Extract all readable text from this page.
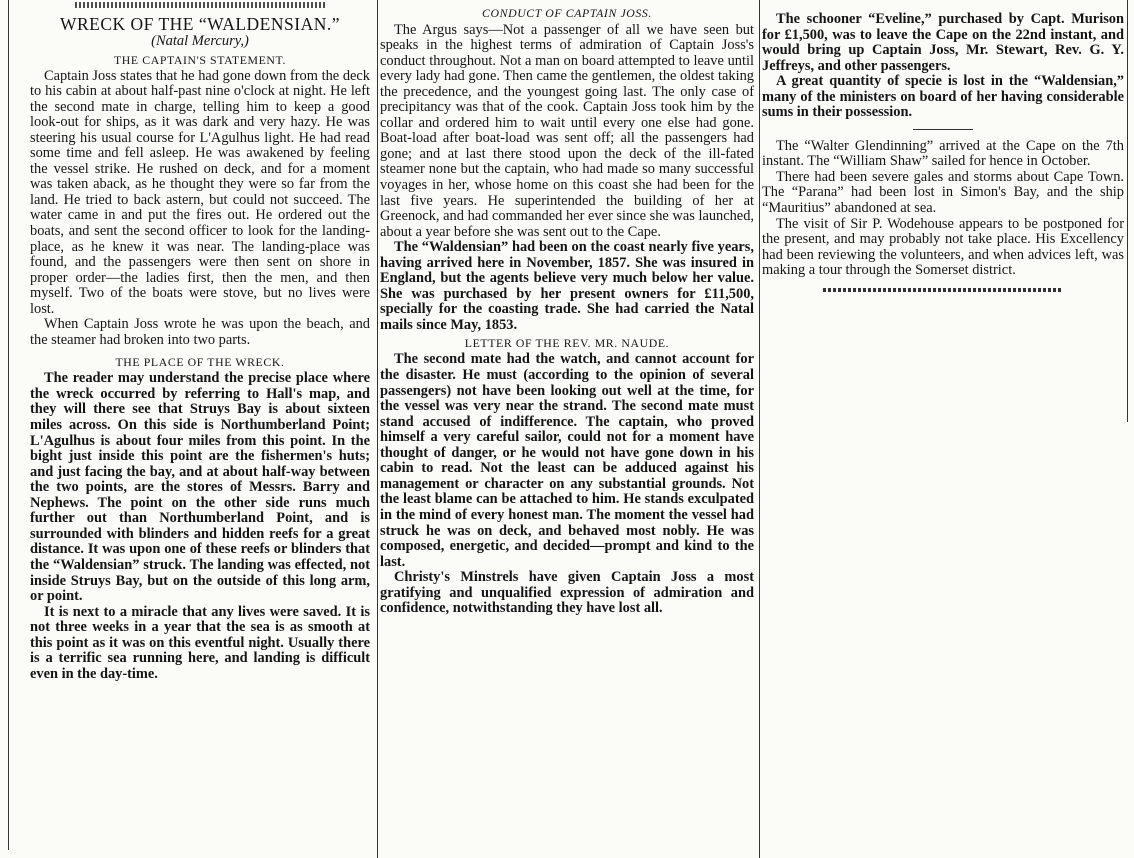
WRECK OF THE “WALDENSIAN.”
(Natal Mercury,)
THE CAPTAIN'S STATEMENT.

Captain Joss states that he had gone down from the deck to his cabin at about half-past nine o'clock at night. He left the second mate in charge, telling him to keep a good look-out for ships, as it was dark and very hazy. He was steering his usual course for L'Agulhus light. He had read some time and fell asleep. He was awakened by feeling the vessel strike. He rushed on deck, and for a moment was taken aback, as he thought they were so far from the land. He tried to back astern, but could not succeed. The water came in and put the fires out. He ordered out the boats, and sent the second officer to look for the landing-place, as he knew it was near. The landing-place was found, and the passengers were then sent on shore in proper order—the ladies first, then the men, and then myself. Two of the boats were stove, but no lives were lost.

When Captain Joss wrote he was upon the beach, and the steamer had broken into two parts.

THE PLACE OF THE WRECK.

The reader may understand the precise place where the wreck occurred by referring to Hall's map, and they will there see that Struys Bay is about sixteen miles across. On this side is Northumberland Point; L'Agulhus is about four miles from this point. In the bight just inside this point are the fishermen's huts; and just facing the bay, and at about half-way between the two points, are the stores of Messrs. Barry and Nephews. The point on the other side runs much further out than Northumberland Point, and is surrounded with blinders and hidden reefs for a great distance. It was upon one of these reefs or blinders that the “Waldensian” struck. The landing was effected, not inside Struys Bay, but on the outside of this long arm, or point.

It is next to a miracle that any lives were saved. It is not three weeks in a year that the sea is as smooth at this point as it was on this eventful night. Usually there is a terrific sea running here, and landing is difficult even in the day-time.

CONDUCT OF CAPTAIN JOSS.

The Argus says—Not a passenger of all we have seen but speaks in the highest terms of admiration of Captain Joss's conduct throughout. Not a man on board attempted to leave until every lady had gone. Then came the gentlemen, the oldest taking the precedence, and the youngest going last. The only case of precipitancy was that of the cook. Captain Joss took him by the collar and ordered him to wait until every one else had gone. Boat-load after boat-load was sent off; all the passengers had gone; and at last there stood upon the deck of the ill-fated steamer none but the captain, who had made so many successful voyages in her, whose home on this coast she had been for the last five years. He superintended the building of her at Greenock, and had commanded her ever since she was launched, about a year before she was sent out to the Cape.

The “Waldensian” had been on the coast nearly five years, having arrived here in November, 1857. She was insured in England, but the agents believe very much below her value. She was purchased by her present owners for £11,500, specially for the coasting trade. She had carried the Natal mails since May, 1853.

LETTER OF THE REV. MR. NAUDE.

The second mate had the watch, and cannot account for the disaster. He must (according to the opinion of several passengers) not have been looking out well at the time, for the vessel was very near the strand. The second mate must stand accused of indifference. The captain, who proved himself a very careful sailor, could not for a moment have thought of danger, or he would not have gone down in his cabin to read. Not the least can be adduced against his management or character on any substantial grounds. Not the least blame can be attached to him. He stands exculpated in the mind of every honest man. The moment the vessel had struck he was on deck, and behaved most nobly. He was composed, energetic, and decided—prompt and kind to the last.

Christy's Minstrels have given Captain Joss a most gratifying and unqualified expression of admiration and confidence, notwithstanding they have lost all.

The schooner “Eveline,” purchased by Capt. Murison for £1,500, was to leave the Cape on the 22nd instant, and would bring up Captain Joss, Mr. Stewart, Rev. G. Y. Jeffreys, and other passengers.

A great quantity of specie is lost in the “Waldensian,” many of the ministers on board of her having considerable sums in their possession.

The “Walter Glendinning” arrived at the Cape on the 7th instant. The “William Shaw” sailed for hence in October.

There had been severe gales and storms about Cape Town. The “Parana” had been lost in Simon's Bay, and the ship “Mauritius” abandoned at sea.

The visit of Sir P. Wodehouse appears to be postponed for the present, and may probably not take place. His Excellency had been reviewing the volunteers, and when advices left, was making a tour through the Somerset district.
